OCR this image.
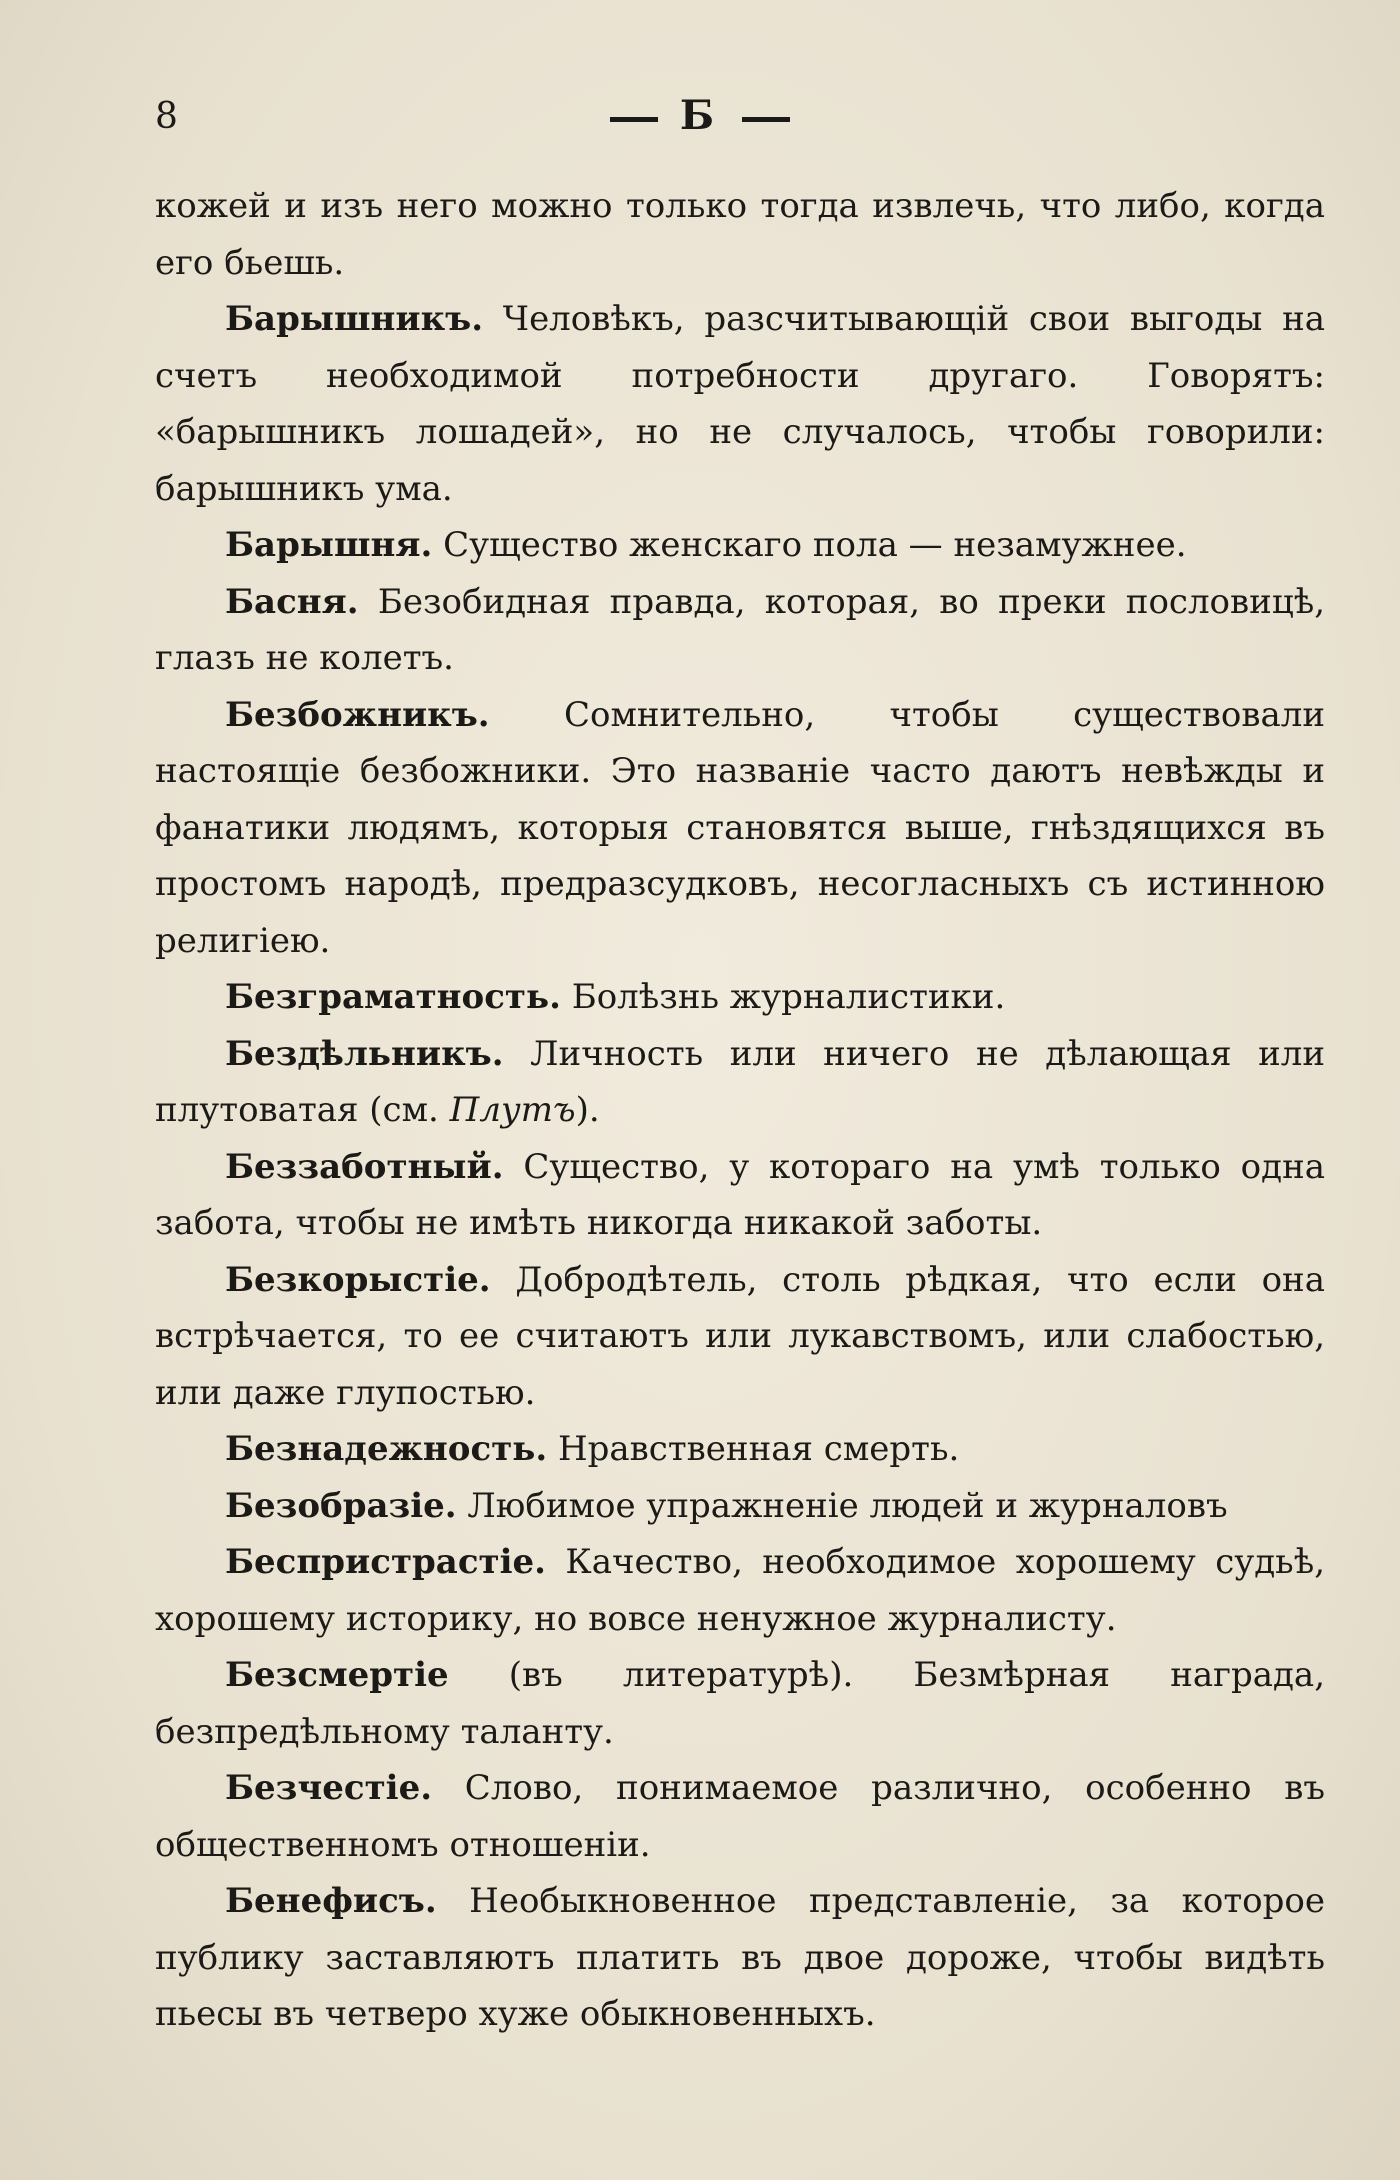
8	Б

кожей и изъ него можно только тогда извлечь, что либо, когда его бьешь.

Барышникъ. Человѣкъ, разсчитывающій свои выгоды на счетъ необходимой потребности другаго. Говорятъ: «барышникъ лошадей», но не случалось, чтобы говорили: барышникъ ума.

Барышня. Существо женскаго пола — незамужнее.

Басня. Безобидная правда, которая, во преки пословицѣ, глазъ не колетъ.

Безбожникъ. Сомнительно, чтобы существовали настоящіе безбожники. Это названіе часто даютъ невѣжды и фанатики людямъ, которыя становятся выше, гнѣздящихся въ простомъ народѣ, предразсудковъ, несогласныхъ съ истинною религіею.

Безграматность. Болѣзнь журналистики.

Бездѣльникъ. Личность или ничего не дѣлающая или плутоватая (см. Плутъ).

Беззаботный. Существо, у котораго на умѣ только одна забота, чтобы не имѣть никогда никакой заботы.

Безкорыстіе. Добродѣтель, столь рѣдкая, что если она встрѣчается, то ее считаютъ или лукавствомъ, или слабостью, или даже глупостью.

Безнадежность. Нравственная смерть.

Безобразіе. Любимое упражненіе людей и журналовъ

Беспристрастіе. Качество, необходимое хорошему судьѣ, хорошему историку, но вовсе ненужное журналисту.

Безсмертіе (въ литературѣ). Безмѣрная награда, безпредѣльному таланту.

Безчестіе. Слово, понимаемое различно, особенно въ общественномъ отношеніи.

Бенефисъ. Необыкновенное представленіе, за которое публику заставляютъ платить въ двое дороже, чтобы видѣть пьесы въ четверо хуже обыкновенныхъ.
